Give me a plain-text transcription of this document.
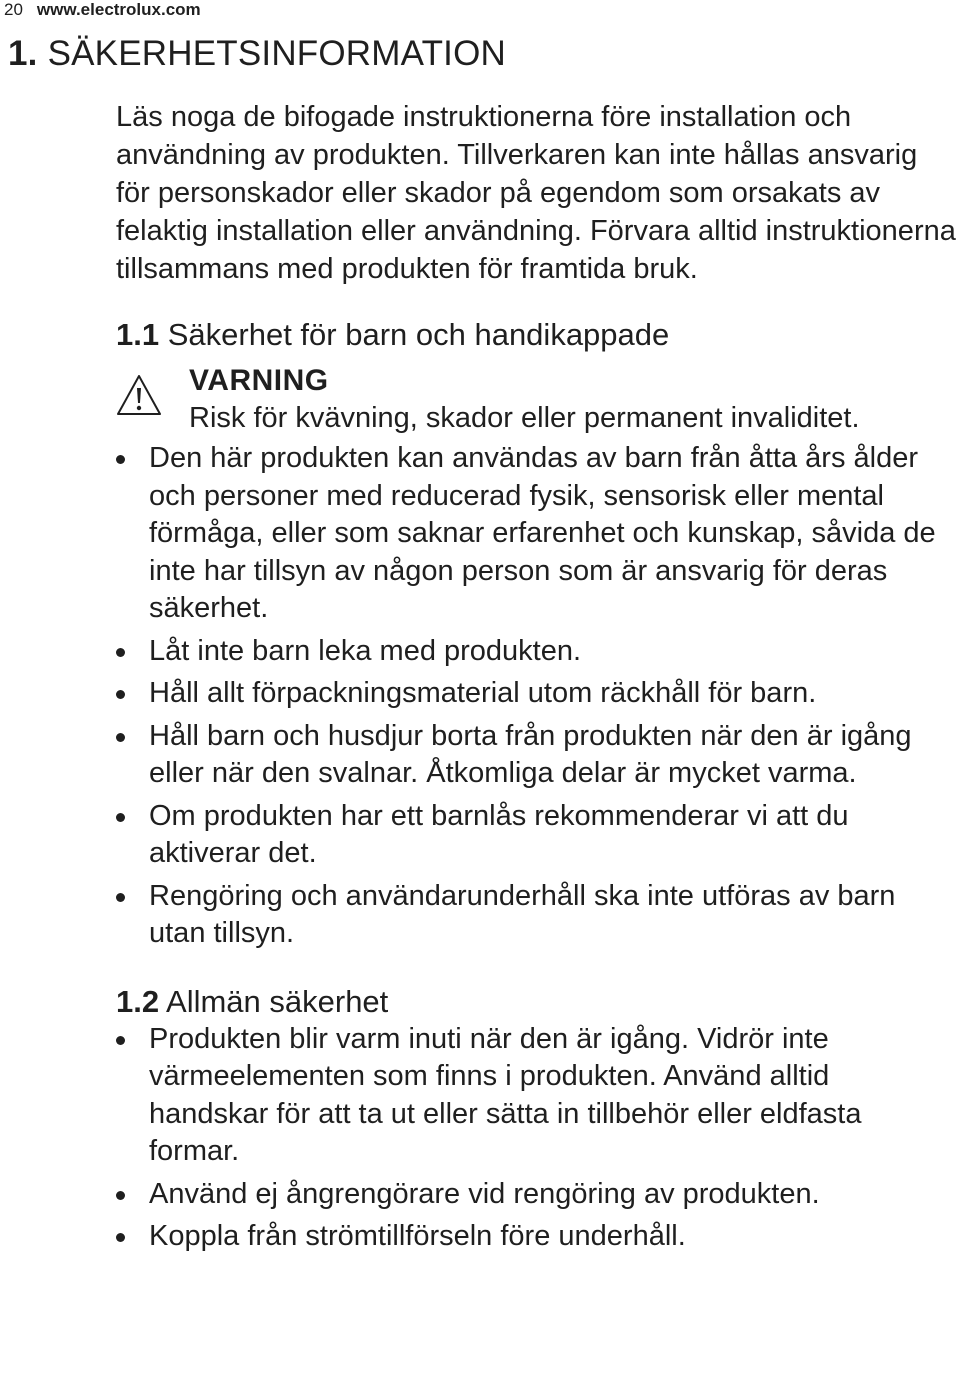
20 www.electrolux.com
1. SÄKERHETSINFORMATION

Läs noga de bifogade instruktionerna före installation och användning av produkten. Tillverkaren kan inte hållas ansvarig för personskador eller skador på egendom som orsakats av felaktig installation eller användning. Förvara alltid instruktionerna tillsammans med produkten för framtida bruk.

1.1 Säkerhet för barn och handikappade
VARNING
Risk för kvävning, skador eller permanent invaliditet.
Den här produkten kan användas av barn från åtta års ålder och personer med reducerad fysik, sensorisk eller mental förmåga, eller som saknar erfarenhet och kunskap, såvida de inte har tillsyn av någon person som är ansvarig för deras säkerhet.
Låt inte barn leka med produkten.
Håll allt förpackningsmaterial utom räckhåll för barn.
Håll barn och husdjur borta från produkten när den är igång eller när den svalnar. Åtkomliga delar är mycket varma.
Om produkten har ett barnlås rekommenderar vi att du aktiverar det.
Rengöring och användarunderhåll ska inte utföras av barn utan tillsyn.
1.2 Allmän säkerhet
Produkten blir varm inuti när den är igång. Vidrör inte värmeelementen som finns i produkten. Använd alltid handskar för att ta ut eller sätta in tillbehör eller eldfasta formar.
Använd ej ångrengörare vid rengöring av produkten.
Koppla från strömtillförseln före underhåll.
